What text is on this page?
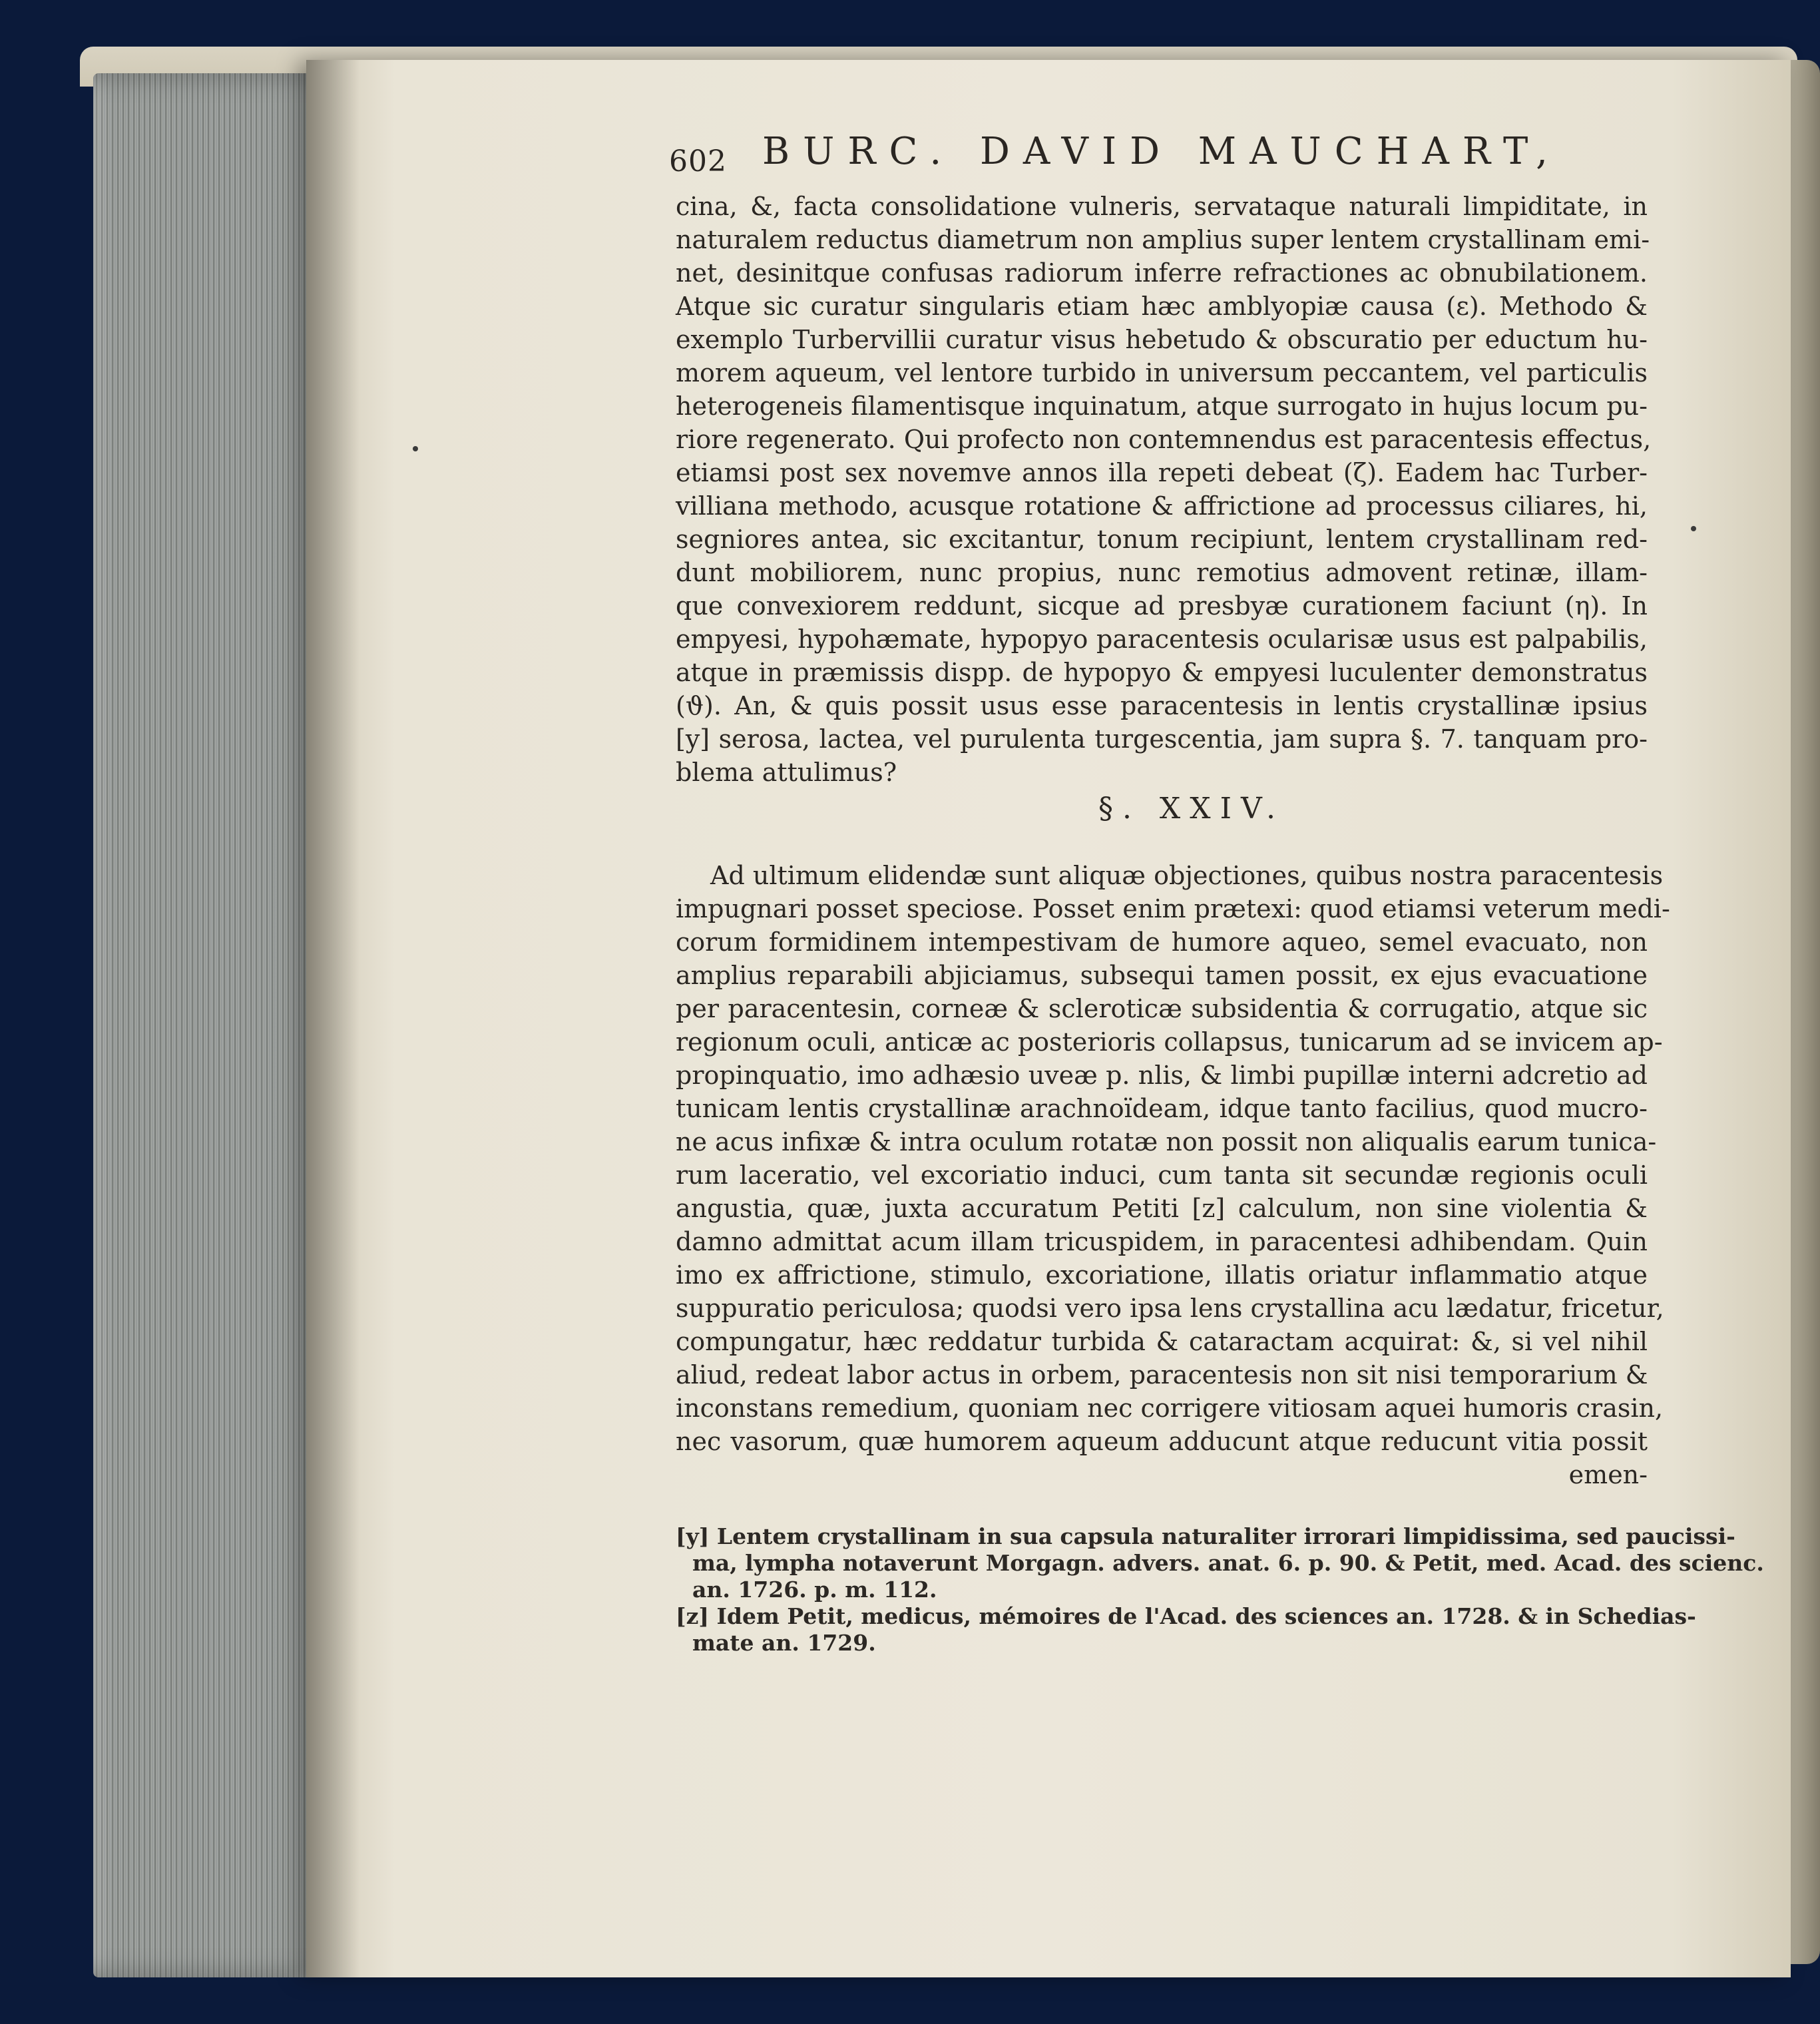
602 BURC. DAVID MAUCHART,
cina, &, facta consolidatione vulneris, servataque naturali limpiditate, in
naturalem reductus diametrum non amplius super lentem crystallinam emi-
net, desinitque confusas radiorum inferre refractiones ac obnubilationem.
Atque sic curatur singularis etiam hæc amblyopiæ causa (ε). Methodo &
exemplo Turbervillii curatur visus hebetudo & obscuratio per eductum hu-
morem aqueum, vel lentore turbido in universum peccantem, vel particulis
heterogeneis filamentisque inquinatum, atque surrogato in hujus locum pu-
riore regenerato. Qui profecto non contemnendus est paracentesis effectus,
etiamsi post sex novemve annos illa repeti debeat (ζ). Eadem hac Turber-
villiana methodo, acusque rotatione & affrictione ad processus ciliares, hi,
segniores antea, sic excitantur, tonum recipiunt, lentem crystallinam red-
dunt mobiliorem, nunc propius, nunc remotius admovent retinæ, illam-
que convexiorem reddunt, sicque ad presbyæ curationem faciunt (η). In
empyesi, hypohæmate, hypopyo paracentesis ocularisæ usus est palpabilis,
atque in præmissis dispp. de hypopyo & empyesi luculenter demonstratus
(ϑ). An, & quis possit usus esse paracentesis in lentis crystallinæ ipsius
[y] serosa, lactea, vel purulenta turgescentia, jam supra §. 7. tanquam pro-
blema attulimus?
§. XXIV.
Ad ultimum elidendæ sunt aliquæ objectiones, quibus nostra paracentesis
impugnari posset speciose. Posset enim prætexi: quod etiamsi veterum medi-
corum formidinem intempestivam de humore aqueo, semel evacuato, non
amplius reparabili abjiciamus, subsequi tamen possit, ex ejus evacuatione
per paracentesin, corneæ & scleroticæ subsidentia & corrugatio, atque sic
regionum oculi, anticæ ac posterioris collapsus, tunicarum ad se invicem ap-
propinquatio, imo adhæsio uveæ p. nlis, & limbi pupillæ interni adcretio ad
tunicam lentis crystallinæ arachnoïdeam, idque tanto facilius, quod mucro-
ne acus infixæ & intra oculum rotatæ non possit non aliqualis earum tunica-
rum laceratio, vel excoriatio induci, cum tanta sit secundæ regionis oculi
angustia, quæ, juxta accuratum Petiti [z] calculum, non sine violentia &
damno admittat acum illam tricuspidem, in paracentesi adhibendam. Quin
imo ex affrictione, stimulo, excoriatione, illatis oriatur inflammatio atque
suppuratio periculosa; quodsi vero ipsa lens crystallina acu lædatur, fricetur,
compungatur, hæc reddatur turbida & cataractam acquirat: &, si vel nihil
aliud, redeat labor actus in orbem, paracentesis non sit nisi temporarium &
inconstans remedium, quoniam nec corrigere vitiosam aquei humoris crasin,
nec vasorum, quæ humorem aqueum adducunt atque reducunt vitia possit
emen-
[y] Lentem crystallinam in sua capsula naturaliter irrorari limpidissima, sed paucissi-
ma, lympha notaverunt Morgagn. advers. anat. 6. p. 90. & Petit, med. Acad. des scienc.
an. 1726. p. m. 112.
[z] Idem Petit, medicus, mémoires de l'Acad. des sciences an. 1728. & in Schedias-
mate an. 1729.
